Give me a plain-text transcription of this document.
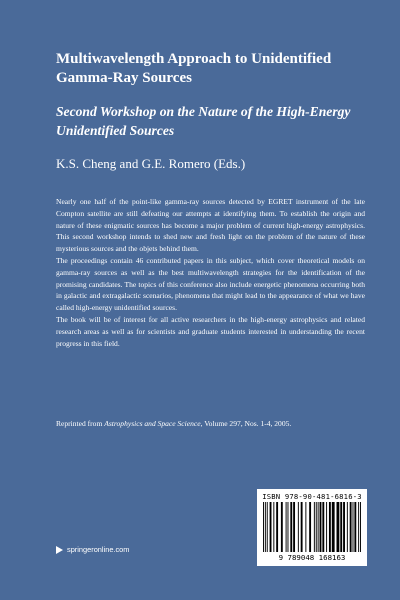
Multiwavelength Approach to Unidentified Gamma-Ray Sources
Second Workshop on the Nature of the High-Energy Unidentified Sources
K.S. Cheng and G.E. Romero (Eds.)

Nearly one half of the point-like gamma-ray sources detected by EGRET instrument of the late Compton satellite are still defeating our attempts at identifying them. To establish the origin and nature of these enigmatic sources has become a major problem of current high-energy astrophysics. This second workshop intends to shed new and fresh light on the problem of the nature of these mysterious sources and the objets behind them.

The proceedings contain 46 contributed papers in this subject, which cover theoretical models on gamma-ray sources as well as the best multiwavelength strategies for the identification of the promising candidates. The topics of this conference also include energetic phenomena occurring both in galactic and extragalactic scenarios, phenomena that might lead to the appearance of what we have called high-energy unidentified sources.

The book will be of interest for all active researchers in the high-energy astrophysics and related research areas as well as for scientists and graduate students interested in understanding the recent progress in this field.

Reprinted from Astrophysics and Space Science, Volume 297, Nos. 1-4, 2005.
ISBN 978-90-481-6816-3
9 789048 168163
springeronline.com
